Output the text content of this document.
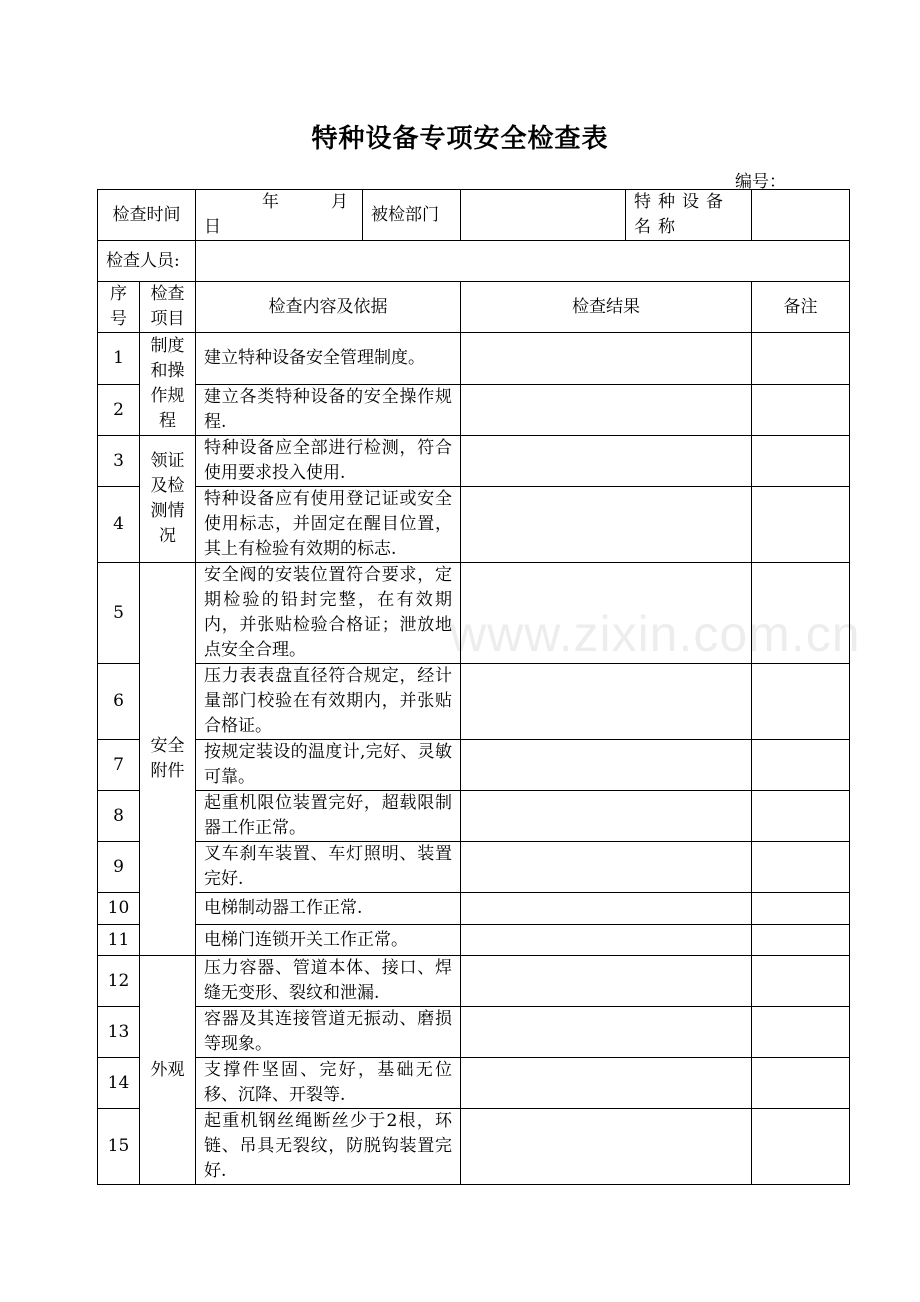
特种设备专项安全检查表
编号：
www.zixin.com.cn
检查时间		年 月
日	被检部门		特种设备名称	
检查人员:						
序号	检查项目	检查内容及依据		检查结果		备注
1	制度和操作规程	建立特种设备安全管理制度。				
2		建立各类特种设备的安全操作规程.				
3	领证及检测情况	特种设备应全部进行检测，符合使用要求投入使用.				
4		特种设备应有使用登记证或安全使用标志，并固定在醒目位置，其上有检验有效期的标志.				
5	安全附件	安全阀的安装位置符合要求，定期检验的铅封完整，在有效期内，并张贴检验合格证；泄放地点安全合理。				
6		压力表表盘直径符合规定，经计量部门校验在有效期内，并张贴合格证。				
7		按规定装设的温度计,完好、灵敏可靠。				
8		起重机限位装置完好，超载限制器工作正常。				
9		叉车刹车装置、车灯照明、装置完好.				
10		电梯制动器工作正常.				
11		电梯门连锁开关工作正常。				
12	外观	压力容器、管道本体、接口、焊缝无变形、裂纹和泄漏.				
13		容器及其连接管道无振动、磨损等现象。				
14		支撑件坚固、完好，基础无位移、沉降、开裂等.				
15		起重机钢丝绳断丝少于2根，环链、吊具无裂纹，防脱钩装置完好.				
